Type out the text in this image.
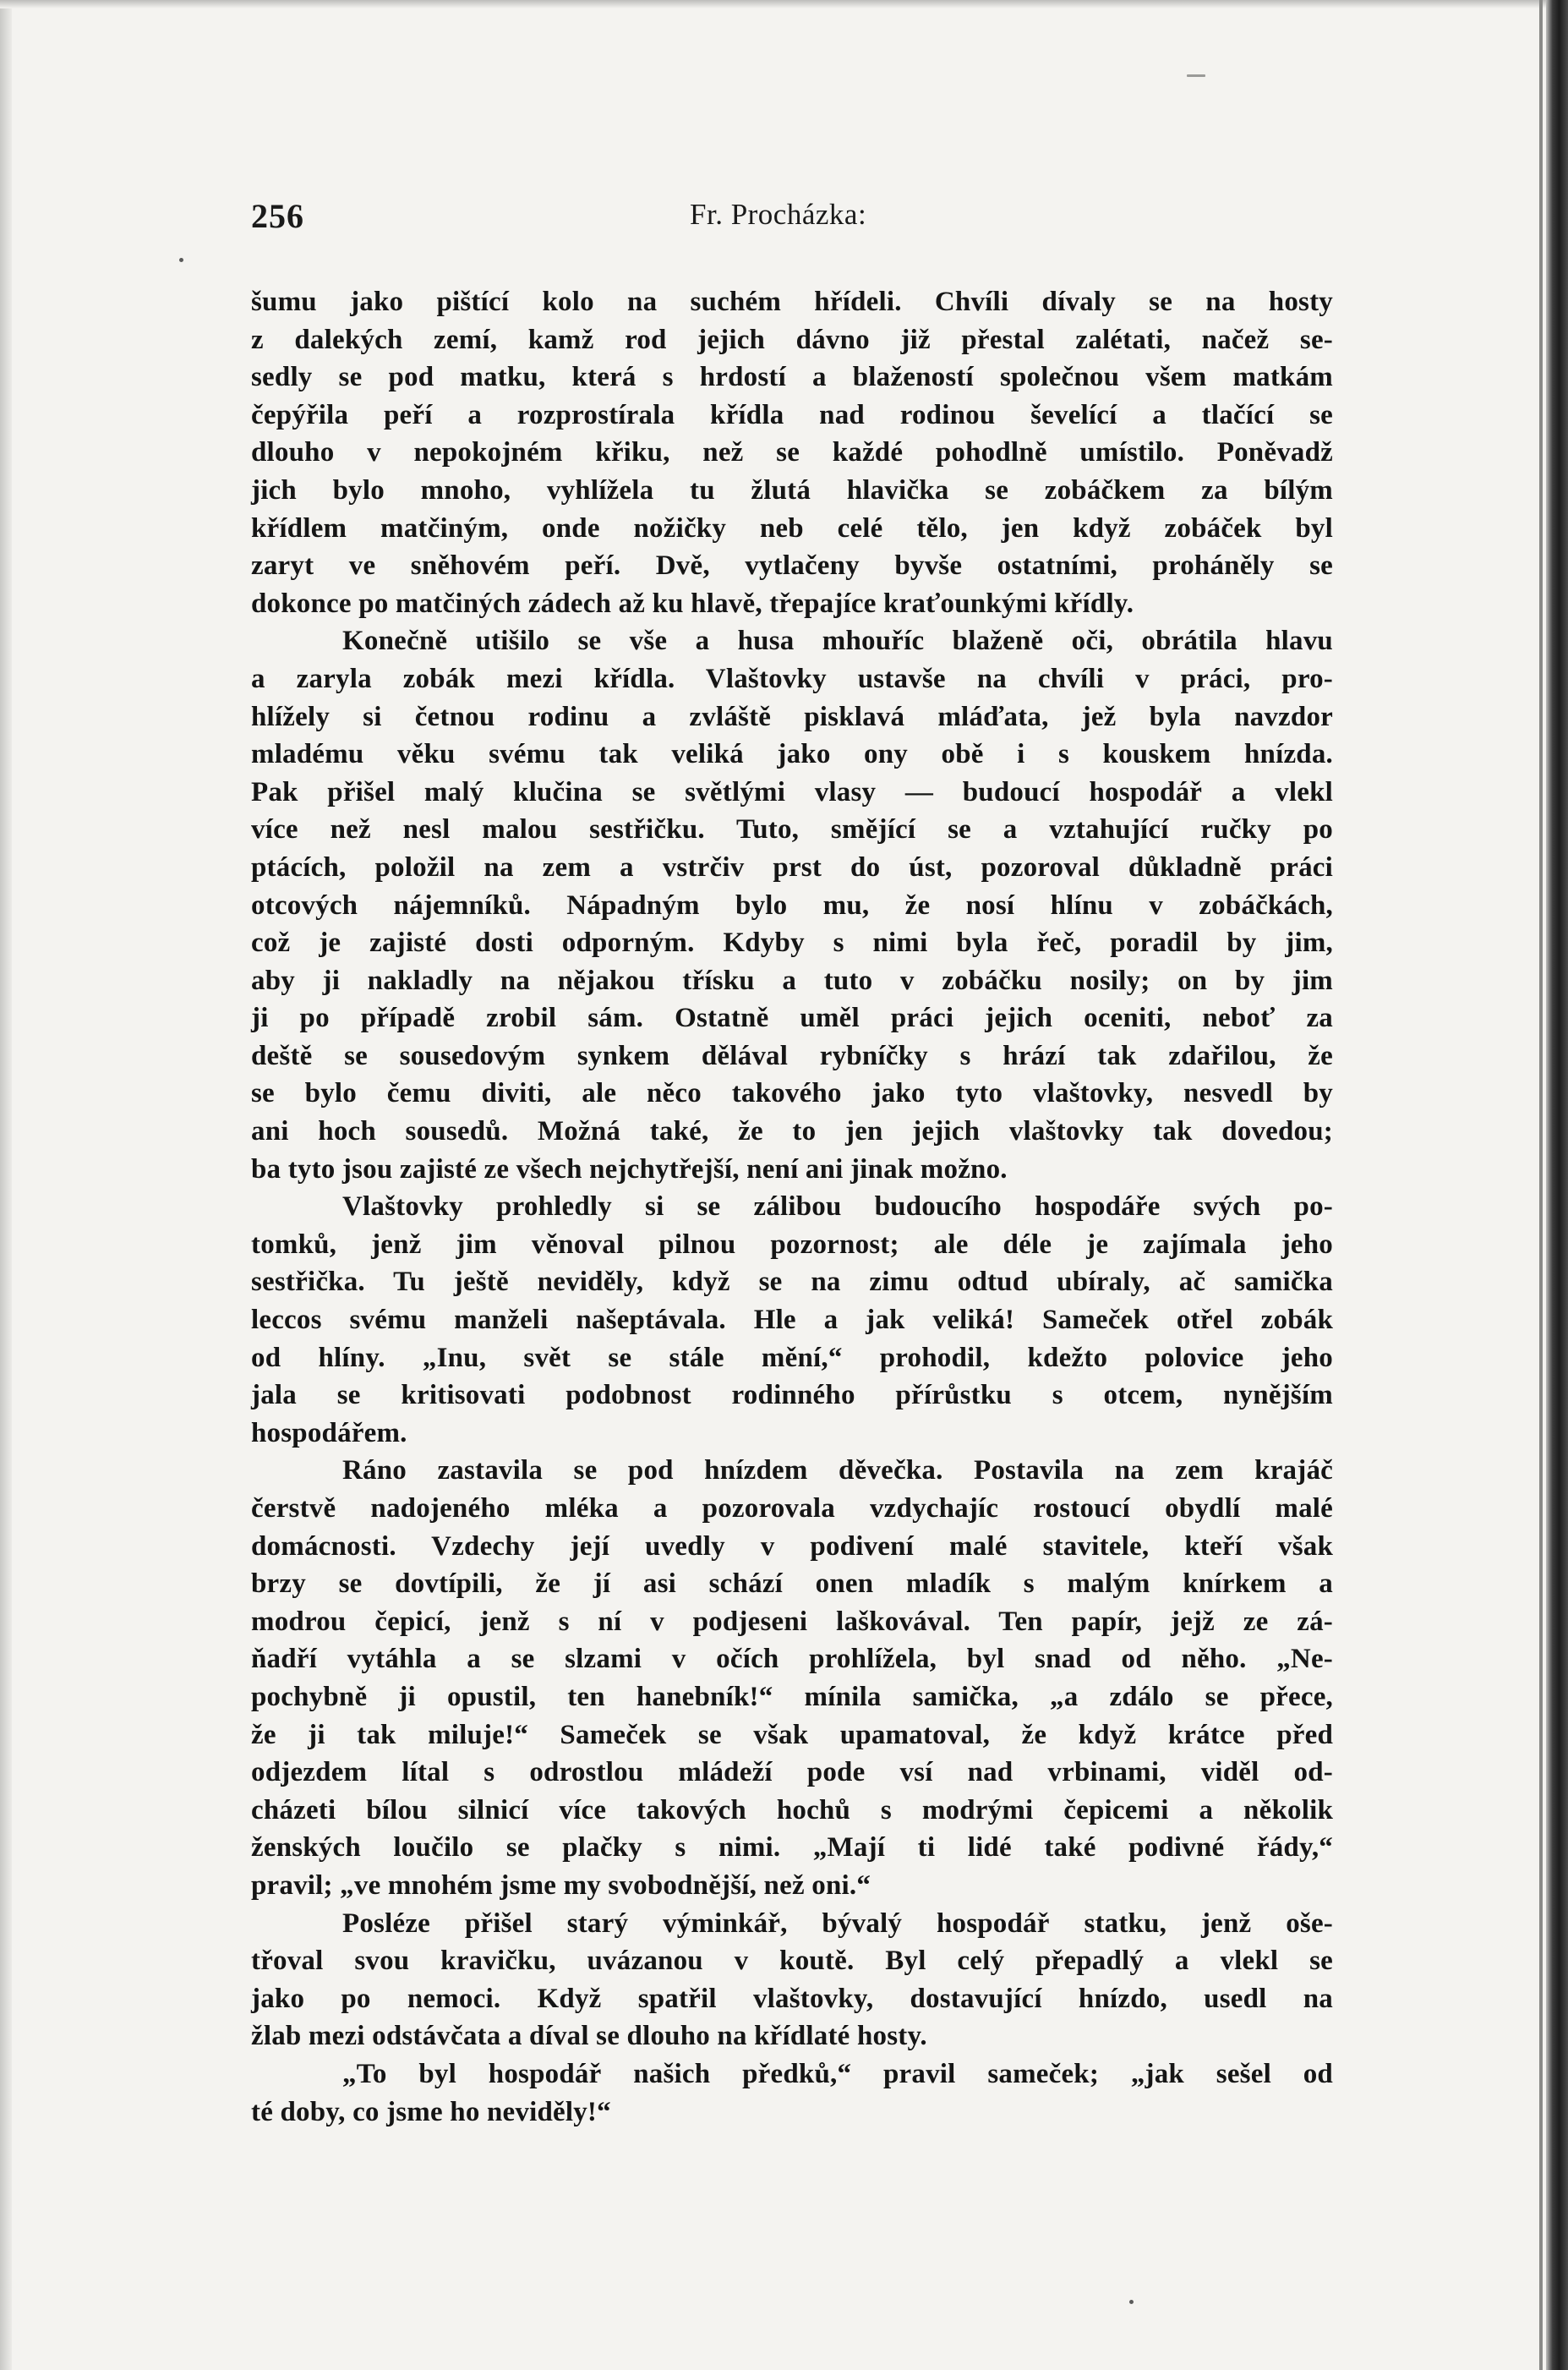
256	Fr. Procházka:
šumu jako pištící kolo na suchém hřídeli. Chvíli dívaly se na hosty
z dalekých zemí, kamž rod jejich dávno již přestal zalétati, načež se-
sedly se pod matku, která s hrdostí a blažeností společnou všem matkám
čepýřila peří a rozprostírala křídla nad rodinou ševelící a tlačící se
dlouho v nepokojném křiku, než se každé pohodlně umístilo. Poněvadž
jich bylo mnoho, vyhlížela tu žlutá hlavička se zobáčkem za bílým
křídlem matčiným, onde nožičky neb celé tělo, jen když zobáček byl
zaryt ve sněhovém peří. Dvě, vytlačeny byvše ostatními, proháněly se
dokonce po matčiných zádech až ku hlavě, třepajíce kraťounkými křídly.
Konečně utišilo se vše a husa mhouříc blaženě oči, obrátila hlavu
a zaryla zobák mezi křídla. Vlaštovky ustavše na chvíli v práci, pro-
hlížely si četnou rodinu a zvláště pisklavá mláďata, jež byla navzdor
mladému věku svému tak veliká jako ony obě i s kouskem hnízda.
Pak přišel malý klučina se světlými vlasy — budoucí hospodář a vlekl
více než nesl malou sestřičku. Tuto, smějící se a vztahující ručky po
ptácích, položil na zem a vstrčiv prst do úst, pozoroval důkladně práci
otcových nájemníků. Nápadným bylo mu, že nosí hlínu v zobáčkách,
což je zajisté dosti odporným. Kdyby s nimi byla řeč, poradil by jim,
aby ji nakladly na nějakou třísku a tuto v zobáčku nosily; on by jim
ji po případě zrobil sám. Ostatně uměl práci jejich oceniti, neboť za
deště se sousedovým synkem dělával rybníčky s hrází tak zdařilou, že
se bylo čemu diviti, ale něco takového jako tyto vlaštovky, nesvedl by
ani hoch sousedů. Možná také, že to jen jejich vlaštovky tak dovedou;
ba tyto jsou zajisté ze všech nejchytřejší, není ani jinak možno.
Vlaštovky prohledly si se zálibou budoucího hospodáře svých po-
tomků, jenž jim věnoval pilnou pozornost; ale déle je zajímala jeho
sestřička. Tu ještě neviděly, když se na zimu odtud ubíraly, ač samička
leccos svému manželi našeptávala. Hle a jak veliká! Sameček otřel zobák
od hlíny. „Inu, svět se stále mění,“ prohodil, kdežto polovice jeho
jala se kritisovati podobnost rodinného přírůstku s otcem, nynějším
hospodářem.
Ráno zastavila se pod hnízdem děvečka. Postavila na zem krajáč
čerstvě nadojeného mléka a pozorovala vzdychajíc rostoucí obydlí malé
domácnosti. Vzdechy její uvedly v podivení malé stavitele, kteří však
brzy se dovtípili, že jí asi schází onen mladík s malým knírkem a
modrou čepicí, jenž s ní v podjeseni laškovával. Ten papír, jejž ze zá-
ňadří vytáhla a se slzami v očích prohlížela, byl snad od něho. „Ne-
pochybně ji opustil, ten hanebník!“ mínila samička, „a zdálo se přece,
že ji tak miluje!“ Sameček se však upamatoval, že když krátce před
odjezdem lítal s odrostlou mládeží pode vsí nad vrbinami, viděl od-
cházeti bílou silnicí více takových hochů s modrými čepicemi a několik
ženských loučilo se plačky s nimi. „Mají ti lidé také podivné řády,“
pravil; „ve mnohém jsme my svobodnější, než oni.“
Posléze přišel starý výminkář, bývalý hospodář statku, jenž oše-
třoval svou kravičku, uvázanou v koutě. Byl celý přepadlý a vlekl se
jako po nemoci. Když spatřil vlaštovky, dostavující hnízdo, usedl na
žlab mezi odstávčata a díval se dlouho na křídlaté hosty.
„To byl hospodář našich předků,“ pravil sameček; „jak sešel od
té doby, co jsme ho neviděly!“
